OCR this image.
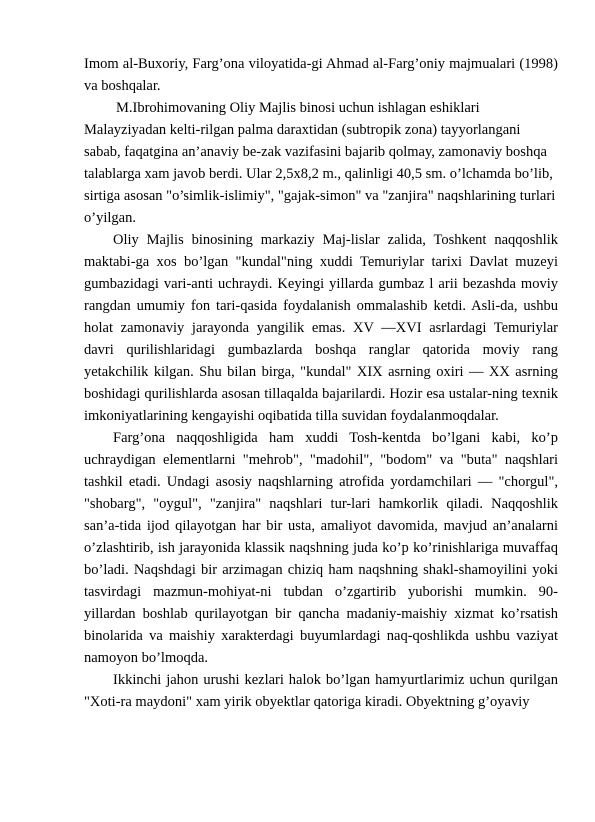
Imom al-Buxoriy, Farg’ona viloyatida-gi Ahmad al-Farg’oniy majmualari (1998) va boshqalar.

M.Ibrohimovaning Oliy Majlis binosi uchun ishlagan eshiklari Malayziyadan kelti-rilgan palma daraxtidan (subtropik zona) tayyorlangani sabab, faqatgina an’anaviy be-zak vazifasini bajarib qolmay, zamonaviy boshqa talablarga xam javob berdi. Ular 2,5x8,2 m., qalinligi 40,5 sm. o’lchamda bo’lib, sirtiga asosan "o’simlik-islimiy", "gajak-simon" va "zanjira" naqshlarining turlari o’yilgan.

Oliy Majlis binosining markaziy Maj-lislar zalida, Toshkent naqqoshlik maktabi-ga xos bo’lgan "kundal"ning xuddi Temuriylar tarixi Davlat muzeyi gumbazidagi vari-anti uchraydi. Keyingi yillarda gumbaz l arii bezashda moviy rangdan umumiy fon tari-qasida foydalanish ommalashib ketdi. Asli-da, ushbu holat zamonaviy jarayonda yangilik emas. XV —XVI asrlardagi Temuriylar davri qurilishlaridagi gumbazlarda boshqa ranglar qatorida moviy rang yetakchilik kilgan. Shu bilan birga, "kundal" XIX asrning oxiri — XX asrning boshidagi qurilishlarda asosan tillaqalda bajarilardi. Hozir esa ustalar-ning texnik imkoniyatlarining kengayishi oqibatida tilla suvidan foydalanmoqdalar.

Farg’ona naqqoshligida ham xuddi Tosh-kentda bo’lgani kabi, ko’p uchraydigan elementlarni "mehrob", "madohil", "bodom" va "buta" naqshlari tashkil etadi. Undagi asosiy naqshlarning atrofida yordamchilari — "chorgul", "shobarg", "oygul", "zanjira" naqshlari tur-lari hamkorlik qiladi. Naqqoshlik san’a-tida ijod qilayotgan har bir usta, amaliyot davomida, mavjud an’analarni o’zlashtirib, ish jarayonida klassik naqshning juda ko’p ko’rinishlariga muvaffaq bo’ladi. Naqshdagi bir arzimagan chiziq ham naqshning shakl-shamoyilini yoki tasvirdagi mazmun-mohiyat-ni tubdan o’zgartirib yuborishi mumkin. 90-yillardan boshlab qurilayotgan bir qancha madaniy-maishiy xizmat ko’rsatish binolarida va maishiy xarakterdagi buyumlardagi naq-qoshlikda ushbu vaziyat namoyon bo’lmoqda.

Ikkinchi jahon urushi kezlari halok bo’lgan hamyurtlarimiz uchun qurilgan "Xoti-ra maydoni" xam yirik obyektlar qatoriga kiradi. Obyektning g’oyaviy
